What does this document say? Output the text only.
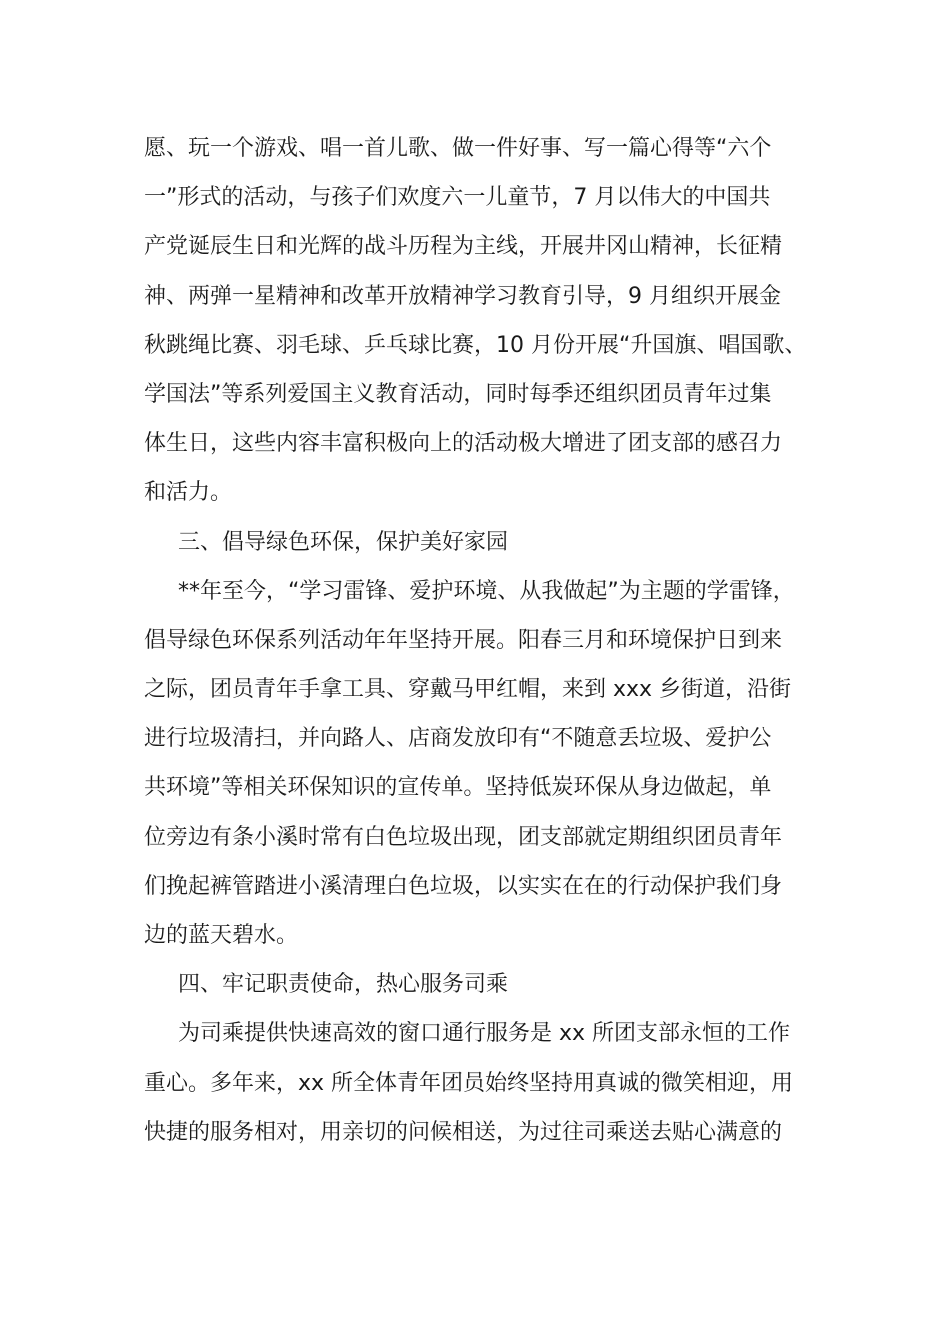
愿、玩一个游戏、唱一首儿歌、做一件好事、写一篇心得等“六个
一”形式的活动，与孩子们欢度六一儿童节，7 月以伟大的中国共
产党诞辰生日和光辉的战斗历程为主线，开展井冈山精神，长征精
神、两弹一星精神和改革开放精神学习教育引导，9 月组织开展金
秋跳绳比赛、羽毛球、乒乓球比赛，10 月份开展“升国旗、唱国歌、
学国法”等系列爱国主义教育活动，同时每季还组织团员青年过集
体生日，这些内容丰富积极向上的活动极大增进了团支部的感召力
和活力。
三、倡导绿色环保，保护美好家园
**年至今，“学习雷锋、爱护环境、从我做起”为主题的学雷锋，
倡导绿色环保系列活动年年坚持开展。阳春三月和环境保护日到来
之际，团员青年手拿工具、穿戴马甲红帽，来到 xxx 乡街道，沿街
进行垃圾清扫，并向路人、店商发放印有“不随意丢垃圾、爱护公
共环境”等相关环保知识的宣传单。坚持低炭环保从身边做起，单
位旁边有条小溪时常有白色垃圾出现，团支部就定期组织团员青年
们挽起裤管踏进小溪清理白色垃圾，以实实在在的行动保护我们身
边的蓝天碧水。
四、牢记职责使命，热心服务司乘
为司乘提供快速高效的窗口通行服务是 xx 所团支部永恒的工作
重心。多年来，xx 所全体青年团员始终坚持用真诚的微笑相迎，用
快捷的服务相对，用亲切的问候相送，为过往司乘送去贴心满意的
